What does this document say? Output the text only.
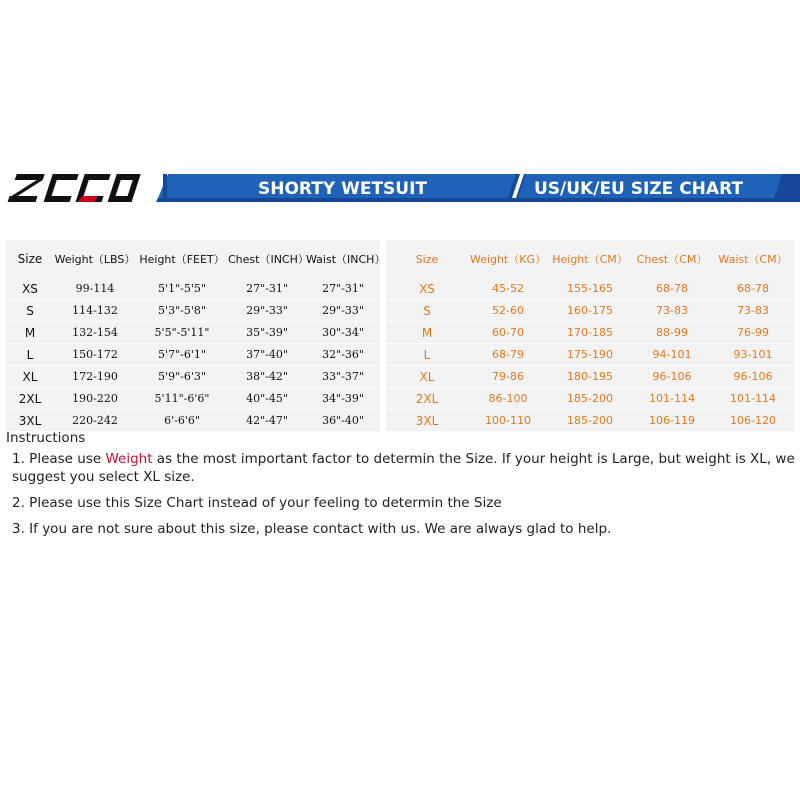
SHORTY WETSUIT	US/UK/EU SIZE CHART
Size	Weight（LBS）	Height（FEET）	Chest（INCH）	Waist（INCH）
XS	99-114	5'1"-5'5"	27"-31"	27"-31"
S	114-132	5'3"-5'8"	29"-33"	29"-33"
M	132-154	5'5"-5'11"	35"-39"	30"-34"
L	150-172	5'7"-6'1"	37"-40"	32"-36"
XL	172-190	5'9"-6'3"	38"-42"	33"-37"
2XL	190-220	5'11"-6'6"	40"-45"	34"-39"
3XL	220-242	6'-6'6"	42"-47"	36"-40"
Size	Weight（KG）	Height（CM）	Chest（CM）	Waist（CM）
XS	45-52	155-165	68-78	68-78
S	52-60	160-175	73-83	73-83
M	60-70	170-185	88-99	76-99
L	68-79	175-190	94-101	93-101
XL	79-86	180-195	96-106	96-106
2XL	86-100	185-200	101-114	101-114
3XL	100-110	185-200	106-119	106-120
Instructions
1. Please use Weight as the most important factor to determin the Size. If your height is Large, but weight is XL, we suggest you select XL size.
2. Please use this Size Chart instead of your feeling to determin the Size
3. If you are not sure about this size, please contact with us. We are always glad to help.
